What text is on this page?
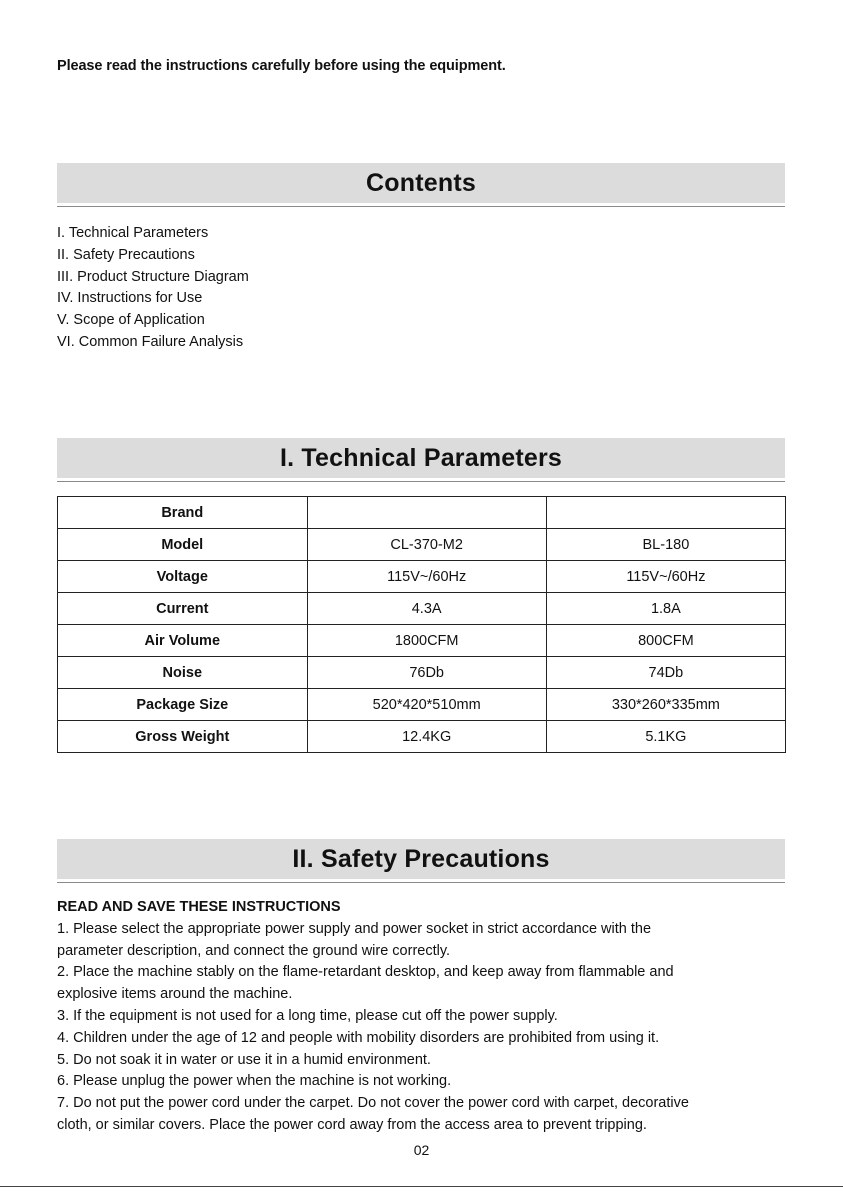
Please read the instructions carefully before using the equipment.
Contents
I. Technical Parameters
II. Safety Precautions
III. Product Structure Diagram
IV. Instructions for Use
V. Scope of Application
VI. Common Failure Analysis
I. Technical Parameters
Brand		
Model	CL-370-M2	BL-180
Voltage	115V~/60Hz	115V~/60Hz
Current	4.3A	1.8A
Air Volume	1800CFM	800CFM
Noise	76Db	74Db
Package Size	520*420*510mm	330*260*335mm
Gross Weight	12.4KG	5.1KG
II. Safety Precautions
READ AND SAVE THESE INSTRUCTIONS
1. Please select the appropriate power supply and power socket in strict accordance with the
parameter description, and connect the ground wire correctly.
2. Place the machine stably on the flame-retardant desktop, and keep away from flammable and
explosive items around the machine.
3. If the equipment is not used for a long time, please cut off the power supply.
4. Children under the age of 12 and people with mobility disorders are prohibited from using it.
5. Do not soak it in water or use it in a humid environment.
6. Please unplug the power when the machine is not working.
7. Do not put the power cord under the carpet. Do not cover the power cord with carpet, decorative
cloth, or similar covers. Place the power cord away from the access area to prevent tripping.
02
